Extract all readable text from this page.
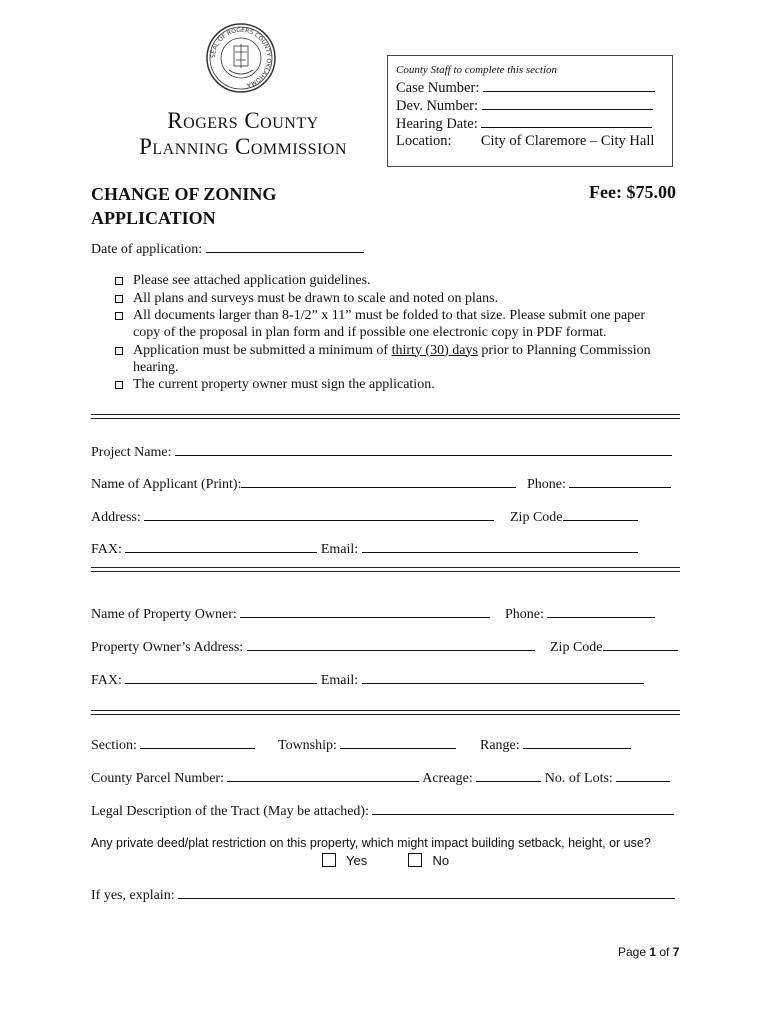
SEAL OF ROGERS COUNTY OKLAHOMA
Rogers County
Planning Commission
County Staff to complete this section
Case Number:
Dev. Number:
Hearing Date:
Location: City of Claremore – City Hall
CHANGE OF ZONING
APPLICATION
Fee: $75.00
Date of application:
Please see attached application guidelines.
All plans and surveys must be drawn to scale and noted on plans.
All documents larger than 8-1/2” x 11” must be folded to that size. Please submit one paper
copy of the proposal in plan form and if possible one electronic copy in PDF format.
Application must be submitted a minimum of thirty (30) days prior to Planning Commission
hearing.
The current property owner must sign the application.
Project Name:
Name of Applicant (Print):	Phone:
Address:	Zip Code
FAX:	Email:
Name of Property Owner:	Phone:
Property Owner’s Address:	Zip Code
FAX:	Email:
Section:	Township:	Range:
County Parcel Number:	Acreage:	No. of Lots:
Legal Description of the Tract (May be attached):
Any private deed/plat restriction on this property, which might impact building setback, height, or use?
Yes	No
If yes, explain:
Page 1 of 7
